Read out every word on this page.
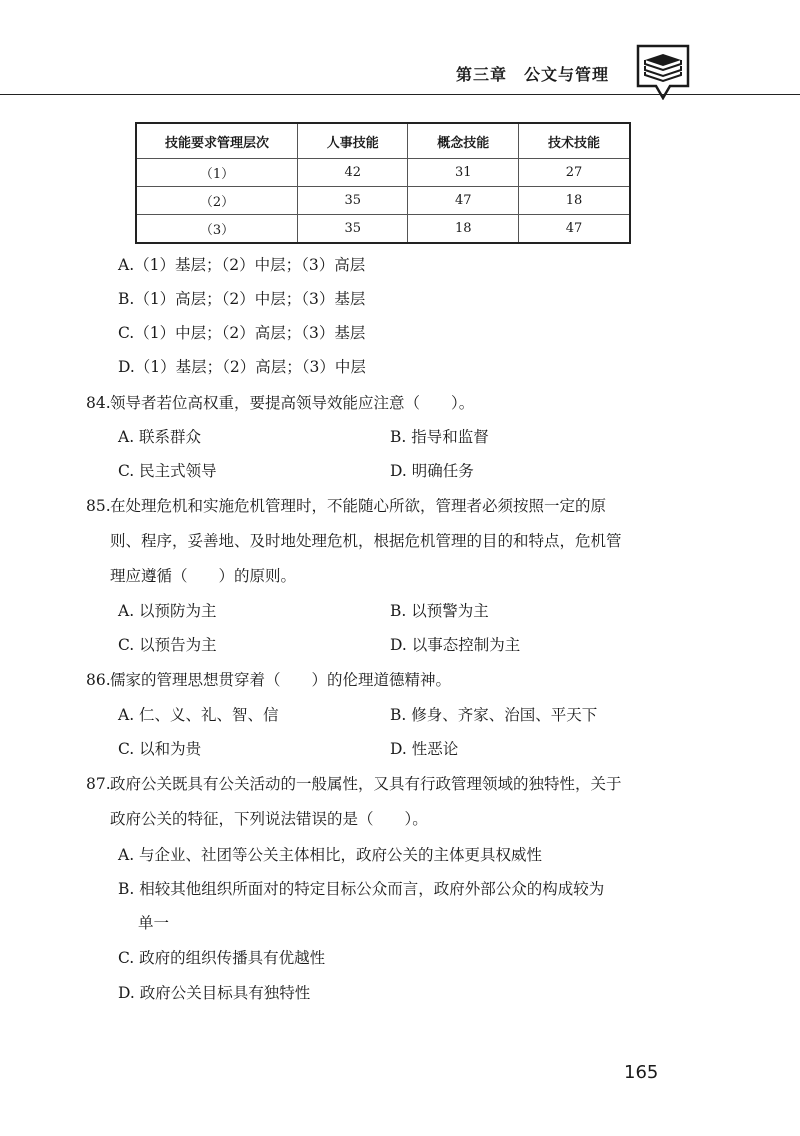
第三章　公文与管理
技能要求管理层次	人事技能	概念技能	技术技能
（1）	42	31	27
（2）	35	47	18
（3）	35	18	47
A.（1）基层；（2）中层；（3）高层
B.（1）高层；（2）中层；（3）基层
C.（1）中层；（2）高层；（3）基层
D.（1）基层；（2）高层；（3）中层
84. 领导者若位高权重，要提高领导效能应注意（　　）。
A. 联系群众	B. 指导和监督
C. 民主式领导	D. 明确任务
85. 在处理危机和实施危机管理时，不能随心所欲，管理者必须按照一定的原
则、程序，妥善地、及时地处理危机，根据危机管理的目的和特点，危机管
理应遵循（　　）的原则。
A. 以预防为主	B. 以预警为主
C. 以预告为主	D. 以事态控制为主
86. 儒家的管理思想贯穿着（　　）的伦理道德精神。
A. 仁、义、礼、智、信	B. 修身、齐家、治国、平天下
C. 以和为贵	D. 性恶论
87. 政府公关既具有公关活动的一般属性，又具有行政管理领域的独特性，关于
政府公关的特征，下列说法错误的是（　　）。
A. 与企业、社团等公关主体相比，政府公关的主体更具权威性
B. 相较其他组织所面对的特定目标公众而言，政府外部公众的构成较为
单一
C. 政府的组织传播具有优越性
D. 政府公关目标具有独特性
165
